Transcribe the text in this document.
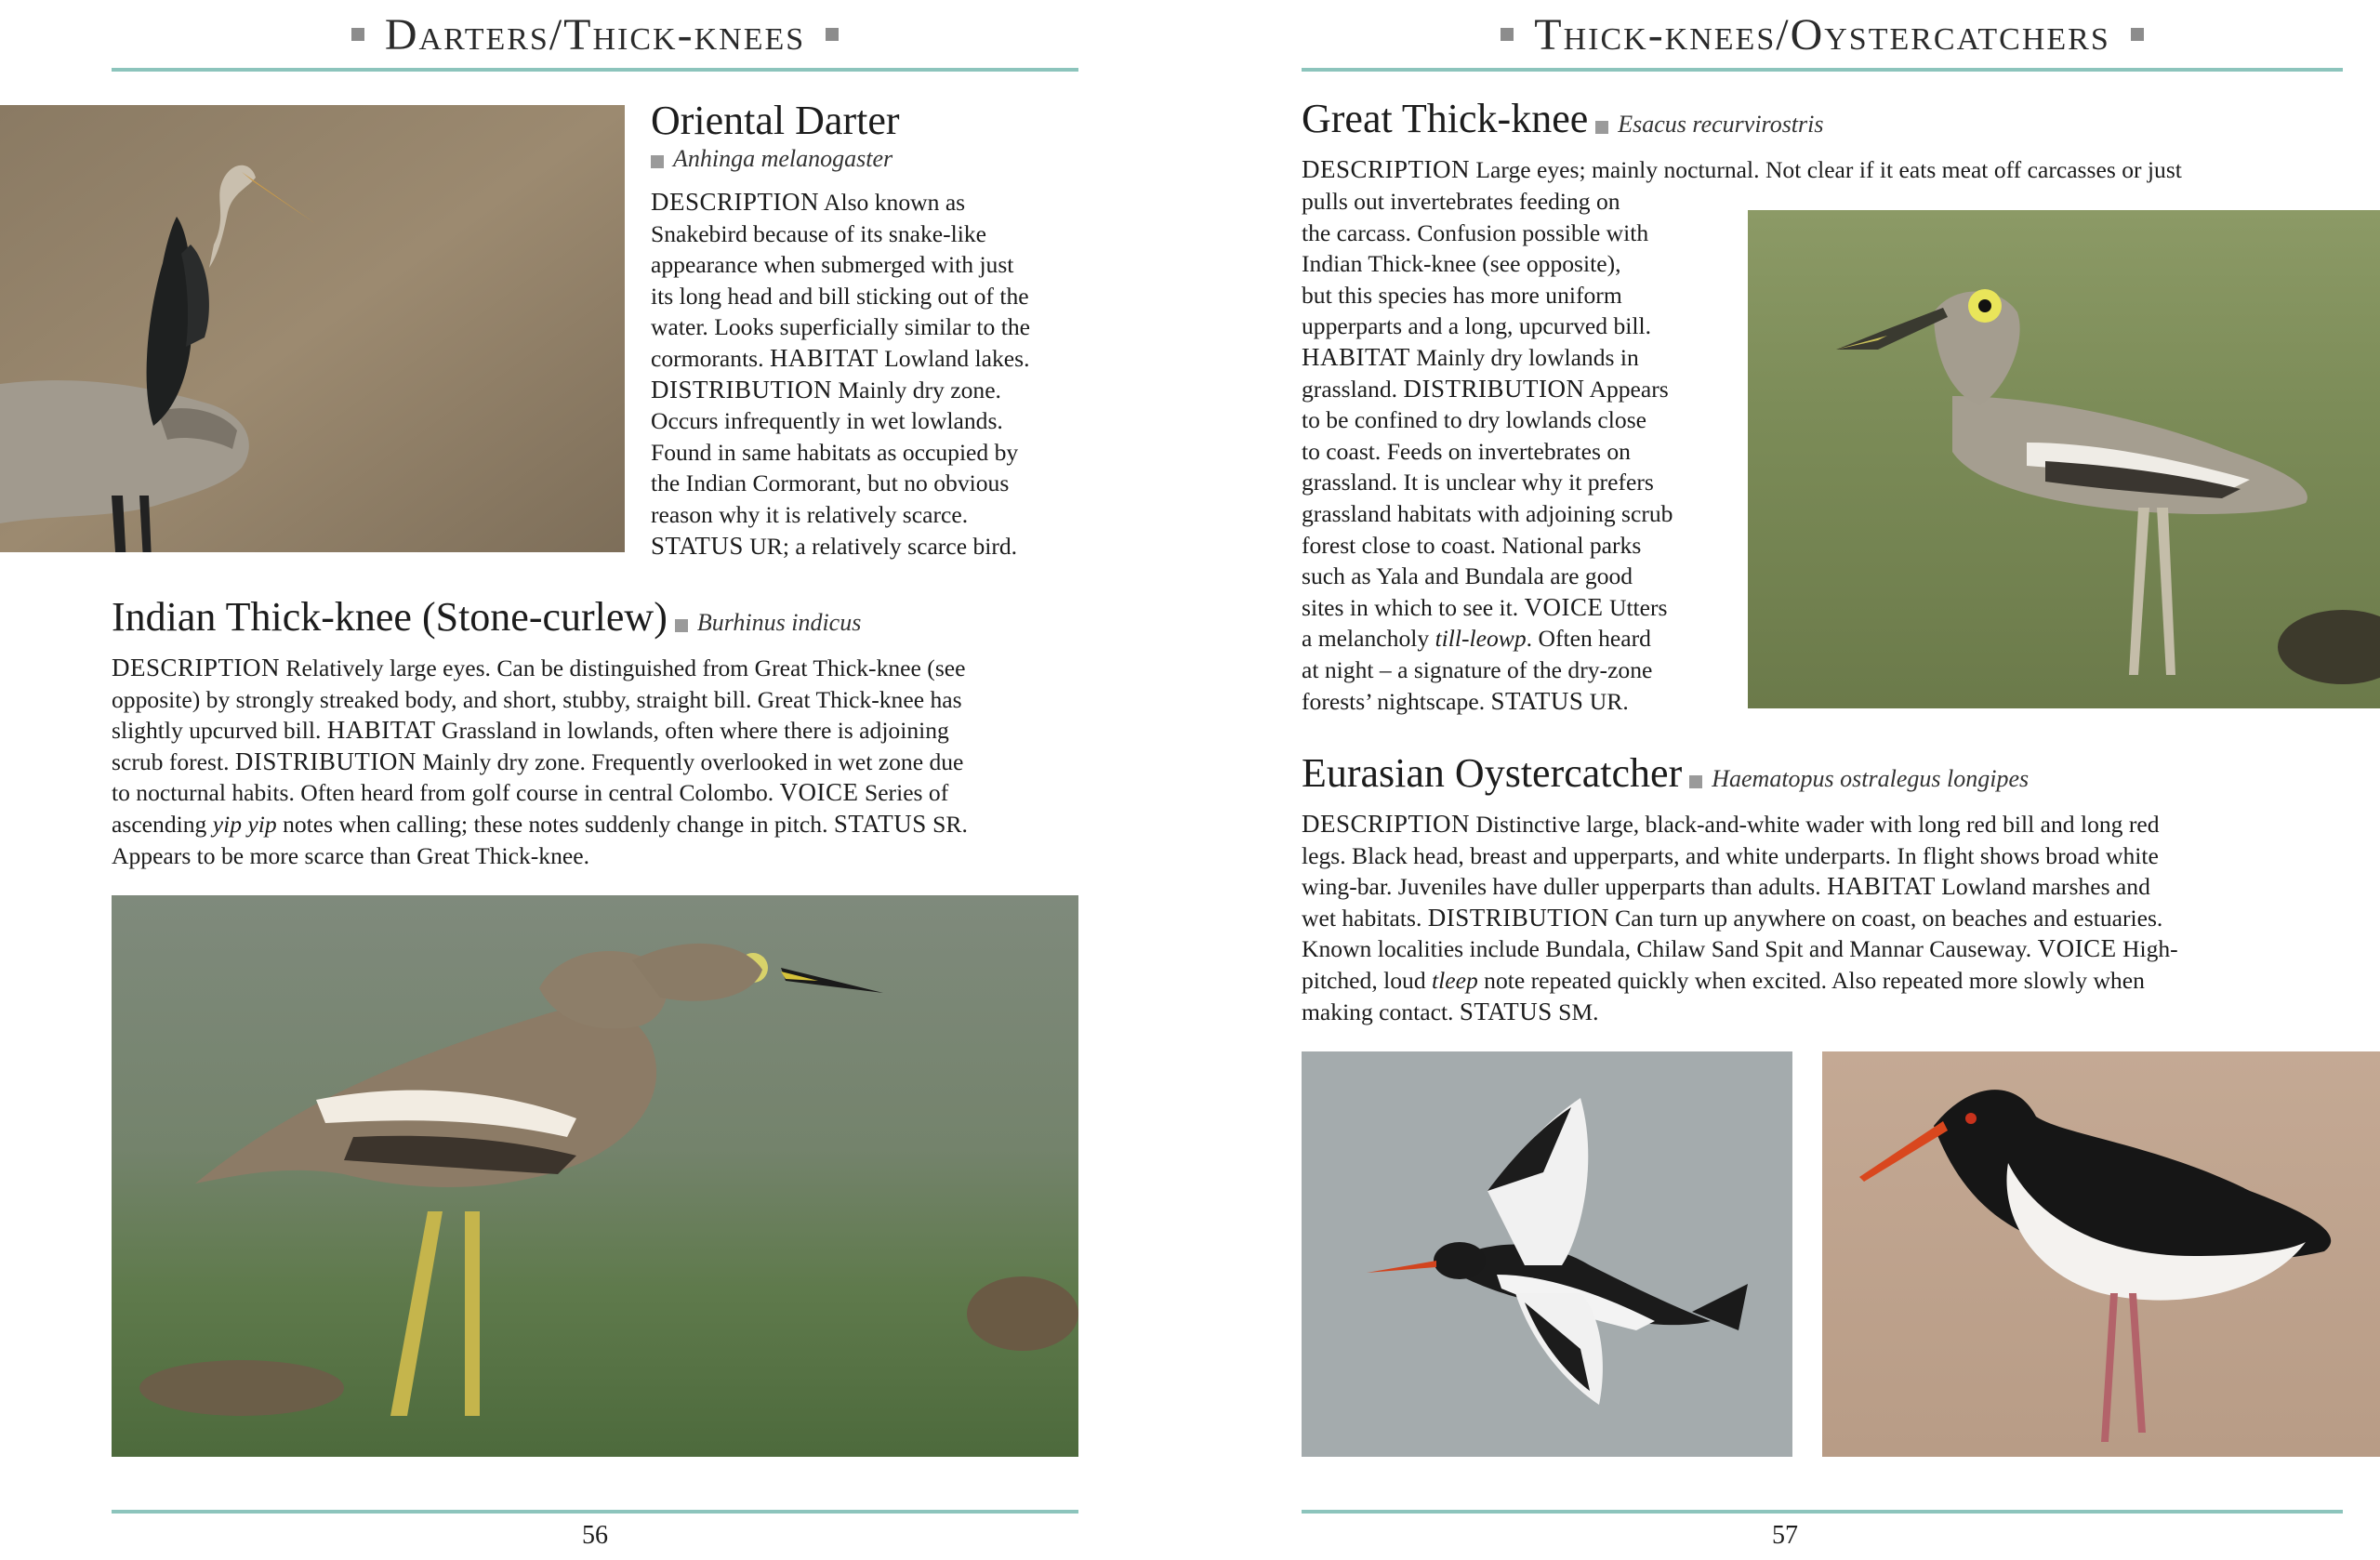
Darters/Thick-knees
Oriental Darter
Anhinga melanogaster
DESCRIPTION Also known as
Snakebird because of its snake-like
appearance when submerged with just
its long head and bill sticking out of the
water. Looks superficially similar to the
cormorants. HABITAT Lowland lakes.
DISTRIBUTION Mainly dry zone.
Occurs infrequently in wet lowlands.
Found in same habitats as occupied by
the Indian Cormorant, but no obvious
reason why it is relatively scarce.
STATUS UR; a relatively scarce bird.
Indian Thick-knee (Stone-curlew) Burhinus indicus
DESCRIPTION Relatively large eyes. Can be distinguished from Great Thick-knee (see
opposite) by strongly streaked body, and short, stubby, straight bill. Great Thick-knee has
slightly upcurved bill. HABITAT Grassland in lowlands, often where there is adjoining
scrub forest. DISTRIBUTION Mainly dry zone. Frequently overlooked in wet zone due
to nocturnal habits. Often heard from golf course in central Colombo. VOICE Series of
ascending yip yip notes when calling; these notes suddenly change in pitch. STATUS SR.
Appears to be more scarce than Great Thick-knee.
56
Thick-knees/Oystercatchers
Great Thick-knee Esacus recurvirostris
DESCRIPTION Large eyes; mainly nocturnal. Not clear if it eats meat off carcasses or just
pulls out invertebrates feeding on
the carcass. Confusion possible with
Indian Thick-knee (see opposite),
but this species has more uniform
upperparts and a long, upcurved bill.
HABITAT Mainly dry lowlands in
grassland. DISTRIBUTION Appears
to be confined to dry lowlands close
to coast. Feeds on invertebrates on
grassland. It is unclear why it prefers
grassland habitats with adjoining scrub
forest close to coast. National parks
such as Yala and Bundala are good
sites in which to see it. VOICE Utters
a melancholy till-leowp. Often heard
at night – a signature of the dry-zone
forests’ nightscape. STATUS UR.
Eurasian Oystercatcher Haematopus ostralegus longipes
DESCRIPTION Distinctive large, black-and-white wader with long red bill and long red
legs. Black head, breast and upperparts, and white underparts. In flight shows broad white
wing-bar. Juveniles have duller upperparts than adults. HABITAT Lowland marshes and
wet habitats. DISTRIBUTION Can turn up anywhere on coast, on beaches and estuaries.
Known localities include Bundala, Chilaw Sand Spit and Mannar Causeway. VOICE High-
pitched, loud tleep note repeated quickly when excited. Also repeated more slowly when
making contact. STATUS SM.
57
